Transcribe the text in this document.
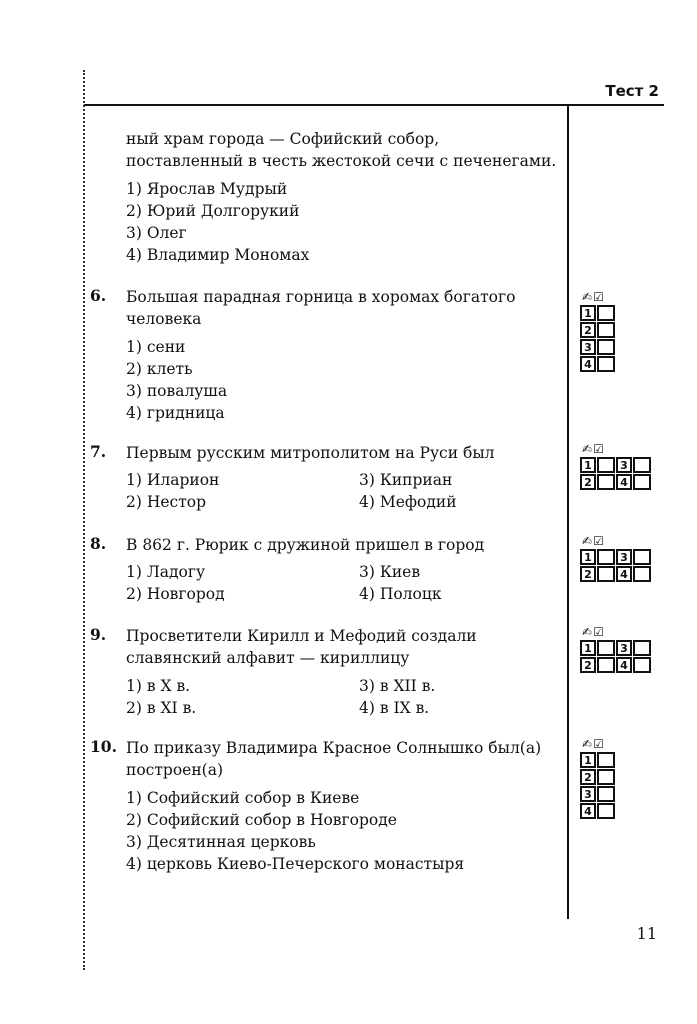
Тест 2
11
ный храм города — Софийский собор, поставленный в честь жестокой сечи с печенегами.
1) Ярослав Мудрый
2) Юрий Долгорукий
3) Олег
4) Владимир Мономах
6. Большая парадная горница в хоромах богатого человека
1) сени
2) клеть
3) повалуша
4) гридница
✍☑
1
2
3
4
7. Первым русским митрополитом на Руси был
1) Иларион	3) Киприан
2) Нестор	4) Мефодий
✍☑
1	3
2	4
8. В 862 г. Рюрик с дружиной пришел в город
1) Ладогу	3) Киев
2) Новгород	4) Полоцк
✍☑
1	3
2	4
9. Просветители Кирилл и Мефодий создали славянский алфавит — кириллицу
1) в X в.	3) в XII в.
2) в XI в.	4) в IX в.
✍☑
1	3
2	4
10. По приказу Владимира Красное Солнышко был(а) построен(а)
1) Софийский собор в Киеве
2) Софийский собор в Новгороде
3) Десятинная церковь
4) церковь Киево-Печерского монастыря
✍☑
1
2
3
4
